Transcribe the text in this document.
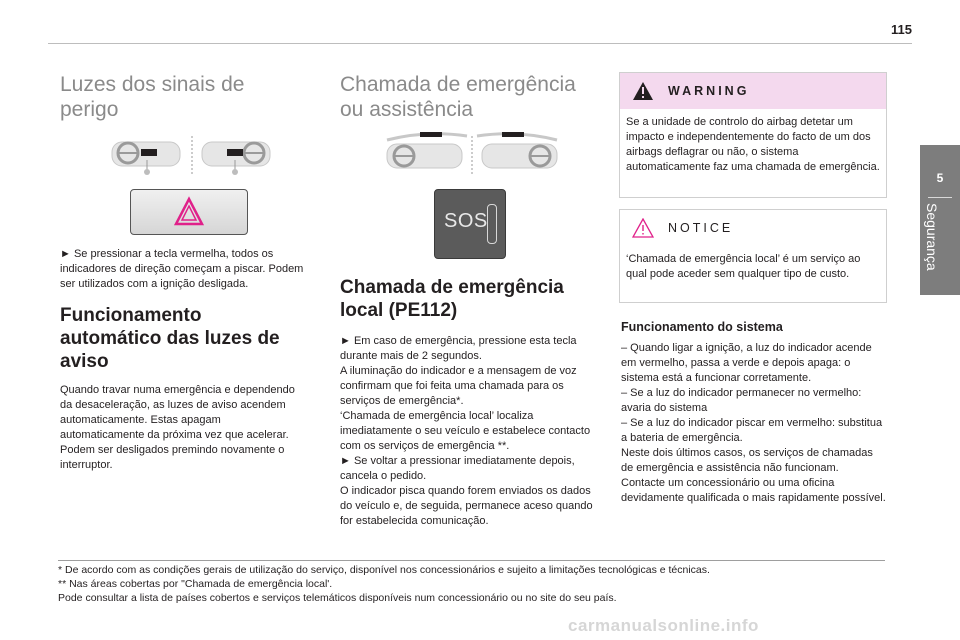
115
5
Segurança
Luzes dos sinais de perigo

► Se pressionar a tecla vermelha, todos os indicadores de direção começam a piscar. Podem ser utilizados com a ignição desligada.

Funcionamento automático das luzes de aviso

Quando travar numa emergência e dependendo da desaceleração, as luzes de aviso acendem automaticamente. Estas apagam automaticamente da próxima vez que acelerar. Podem ser desligados premindo novamente o interruptor.

Chamada de emergência ou assistência
SOS
Chamada de emergência local (PE112)

► Em caso de emergência, pressione esta tecla durante mais de 2 segundos.

A iluminação do indicador e a mensagem de voz confirmam que foi feita uma chamada para os serviços de emergência*.

‘Chamada de emergência local’ localiza imediatamente o seu veículo e estabelece contacto com os serviços de emergência **.

► Se voltar a pressionar imediatamente depois, cancela o pedido.

O indicador pisca quando forem enviados os dados do veículo e, de seguida, permanece aceso quando for estabelecida comunicação.

WARNING
Se a unidade de controlo do airbag detetar um impacto e independentemente do facto de um dos airbags deflagrar ou não, o sistema automaticamente faz uma chamada de emergência.
NOTICE
‘Chamada de emergência local’ é um serviço ao qual pode aceder sem qualquer tipo de custo.
Funcionamento do sistema

– Quando ligar a ignição, a luz do indicador acende em vermelho, passa a verde e depois apaga: o sistema está a funcionar corretamente.

– Se a luz do indicador permanecer no vermelho: avaria do sistema

– Se a luz do indicador piscar em vermelho: substitua a bateria de emergência.

Neste dois últimos casos, os serviços de chamadas de emergência e assistência não funcionam.

Contacte um concessionário ou uma oficina devidamente qualificada o mais rapidamente possível.

* De acordo com as condições gerais de utilização do serviço, disponível nos concessionários e sujeito a limitações tecnológicas e técnicas.

** Nas áreas cobertas por "Chamada de emergência local'.

Pode consultar a lista de países cobertos e serviços telemáticos disponíveis num concessionário ou no site do seu país.

carmanualsonline.info
